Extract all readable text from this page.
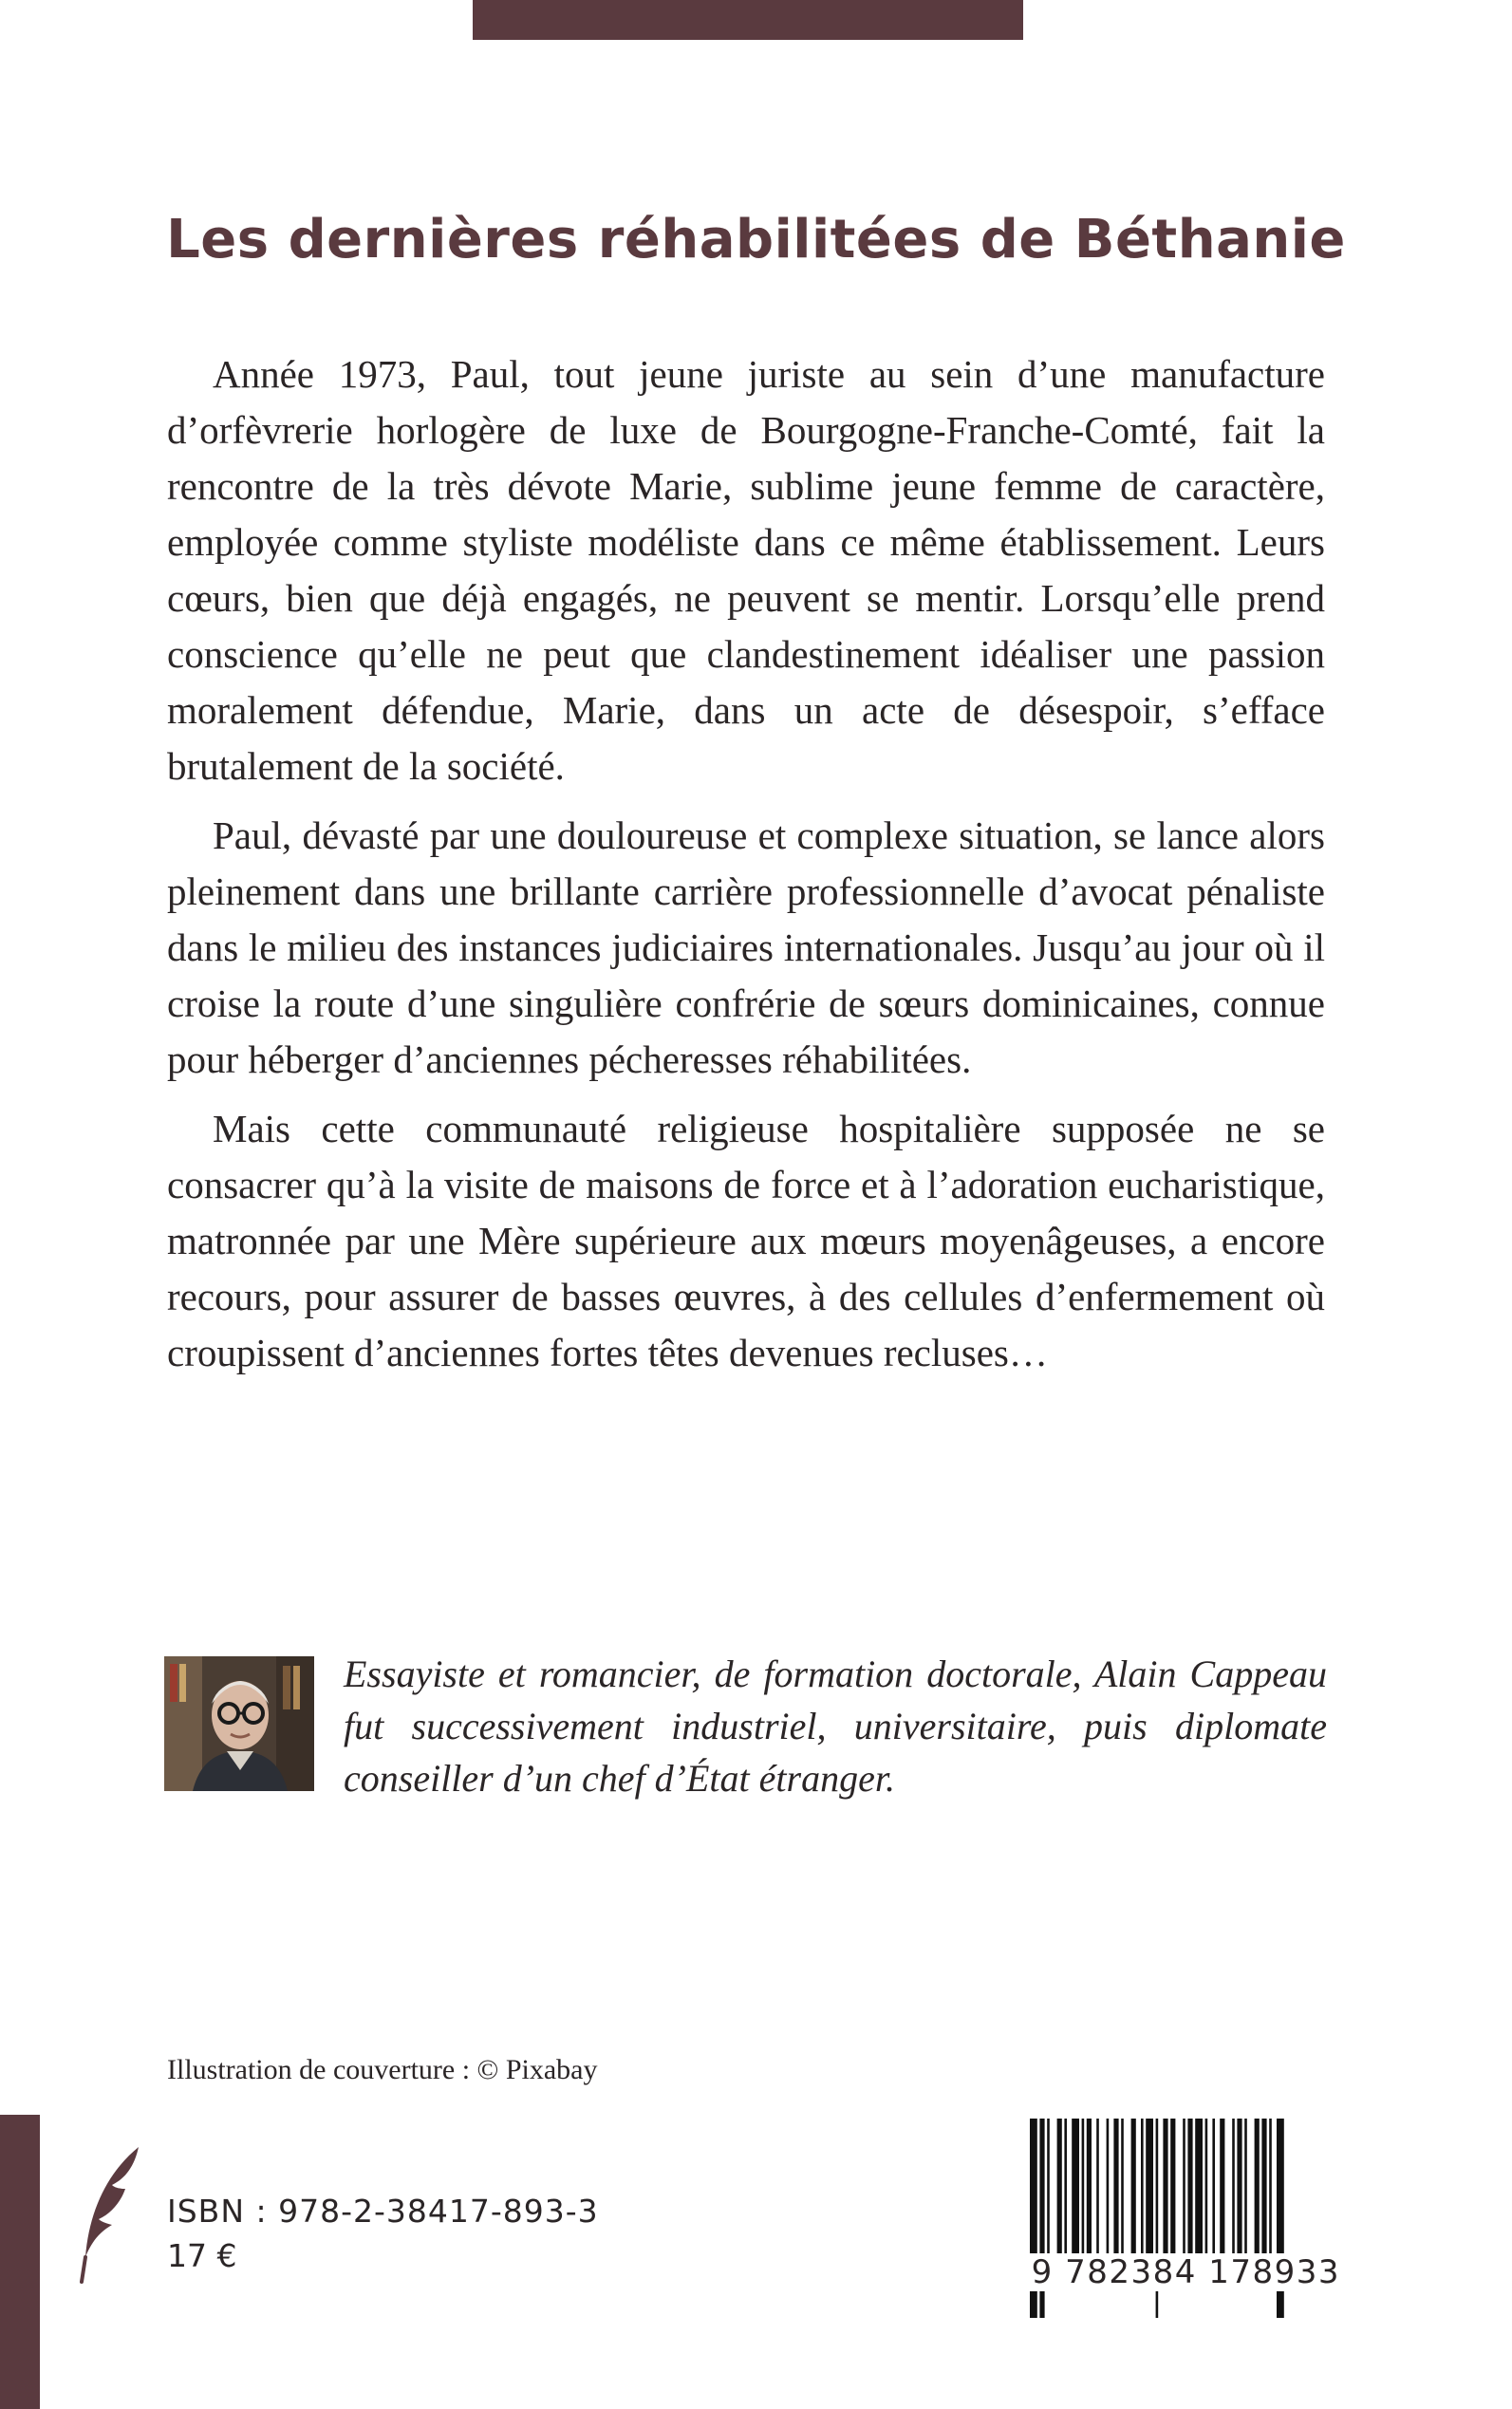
Les dernières réhabilitées de Béthanie

Année 1973, Paul, tout jeune juriste au sein d’une manufacture d’orfèvrerie horlogère de luxe de Bourgogne-Franche-Comté, fait la rencontre de la très dévote Marie, sublime jeune femme de caractère, employée comme styliste modéliste dans ce même établissement. Leurs cœurs, bien que déjà engagés, ne peuvent se mentir. Lorsqu’elle prend conscience qu’elle ne peut que clandestinement idéaliser une passion moralement défendue, Marie, dans un acte de désespoir, s’efface brutalement de la société.

Paul, dévasté par une douloureuse et complexe situation, se lance alors pleinement dans une brillante carrière professionnelle d’avocat pénaliste dans le milieu des instances judiciaires internationales. Jusqu’au jour où il croise la route d’une singulière confrérie de sœurs dominicaines, connue pour héberger d’anciennes pécheresses réhabilitées.

Mais cette communauté religieuse hospitalière supposée ne se consacrer qu’à la visite de maisons de force et à l’adoration eucharistique, matronnée par une Mère supérieure aux mœurs moyenâgeuses, a encore recours, pour assurer de basses œuvres, à des cellules d’enfermement où croupissent d’anciennes fortes têtes devenues recluses…

Essayiste et romancier, de formation doctorale, Alain Cappeau fut successivement industriel, universitaire, puis diplomate conseiller d’un chef d’État étranger.

Illustration de couverture : © Pixabay

ISBN : 978-2-38417-893-3

17 €	9 782384 178933
